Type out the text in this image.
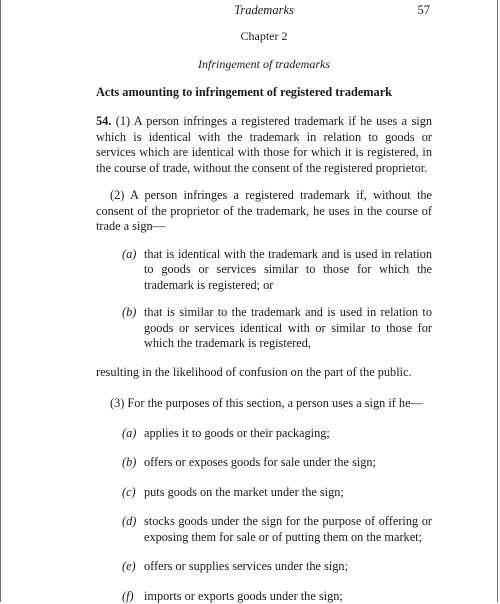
Trademarks	57
Chapter 2
Infringement of trademarks
Acts amounting to infringement of registered trademark

54. (1) A person infringes a registered trademark if he uses a sign which is identical with the trademark in relation to goods or services which are identical with those for which it is registered, in the course of trade, without the consent of the registered proprietor.

(2) A person infringes a registered trademark if, without the consent of the proprietor of the trademark, he uses in the course of trade a sign—

(a) that is identical with the trademark and is used in relation to goods or services similar to those for which the trademark is registered; or

(b) that is similar to the trademark and is used in relation to goods or services identical with or similar to those for which the trademark is registered,

resulting in the likelihood of confusion on the part of the public.

(3) For the purposes of this section, a person uses a sign if he—

(a) applies it to goods or their packaging;

(b) offers or exposes goods for sale under the sign;

(c) puts goods on the market under the sign;

(d) stocks goods under the sign for the purpose of offering or exposing them for sale or of putting them on the market;

(e) offers or supplies services under the sign;

(f) imports or exports goods under the sign;
